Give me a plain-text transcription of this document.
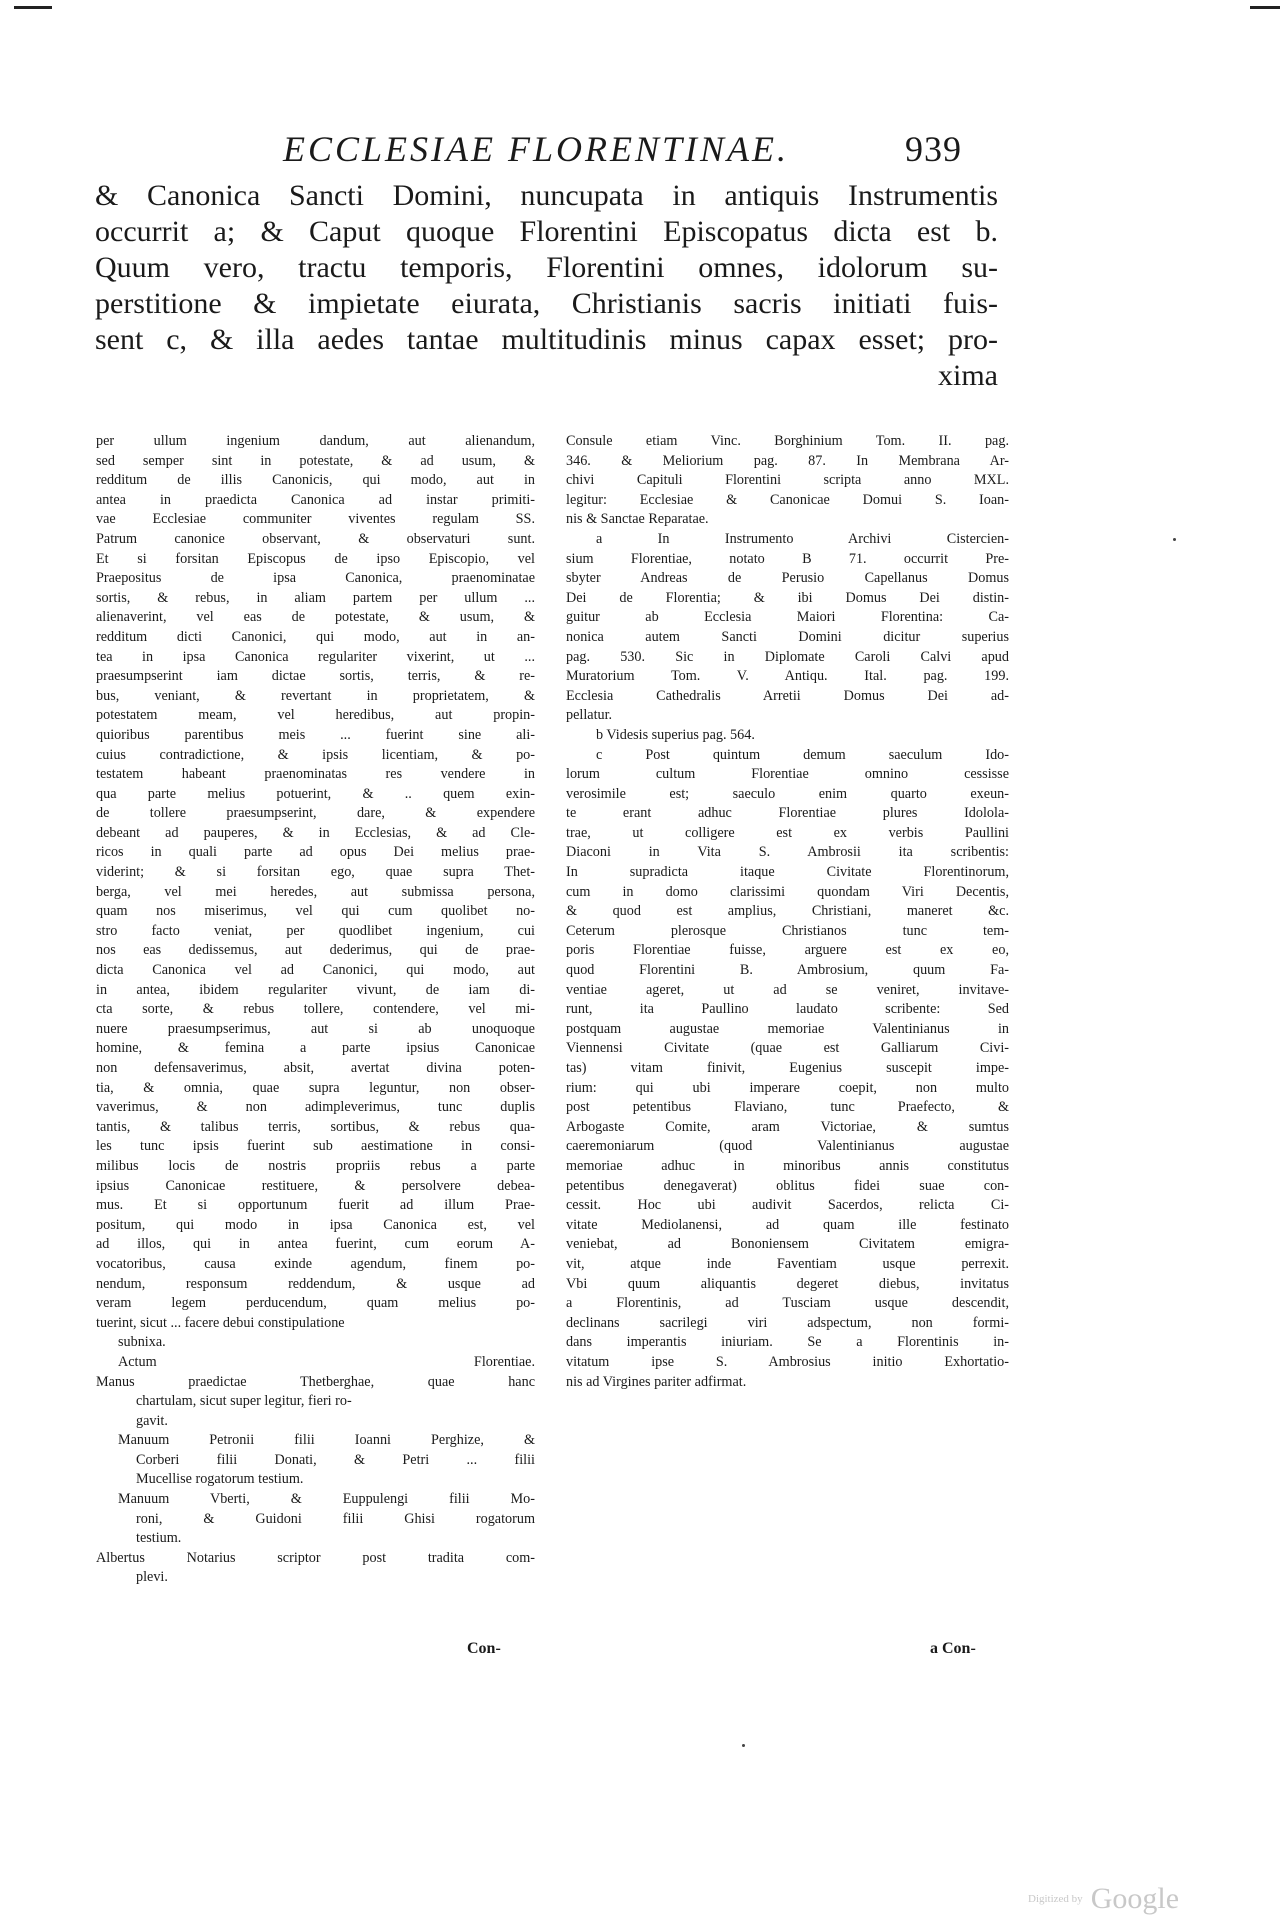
ECCLESIAE FLORENTINAE.	939
& Canonica Sancti Domini, nuncupata in antiquis Instrumentis
occurrit a; & Caput quoque Florentini Episcopatus dicta est b.
Quum vero, tractu temporis, Florentini omnes, idolorum su-
perstitione & impietate eiurata, Christianis sacris initiati fuis-
sent c, & illa aedes tantae multitudinis minus capax esset; pro-
xima
per ullum ingenium dandum, aut alienandum,
sed semper sint in potestate, & ad usum, &
redditum de illis Canonicis, qui modo, aut in
antea in praedicta Canonica ad instar primiti-
vae Ecclesiae communiter viventes regulam SS.
Patrum canonice observant, & observaturi sunt.
Et si forsitan Episcopus de ipso Episcopio, vel
Praepositus de ipsa Canonica, praenominatae
sortis, & rebus, in aliam partem per ullum ...
alienaverint, vel eas de potestate, & usum, &
redditum dicti Canonici, qui modo, aut in an-
tea in ipsa Canonica regulariter vixerint, ut ...
praesumpserint iam dictae sortis, terris, & re-
bus, veniant, & revertant in proprietatem, &
potestatem meam, vel heredibus, aut propin-
quioribus parentibus meis ... fuerint sine ali-
cuius contradictione, & ipsis licentiam, & po-
testatem habeant praenominatas res vendere in
qua parte melius potuerint, & .. quem exin-
de tollere praesumpserint, dare, & expendere
debeant ad pauperes, & in Ecclesias, & ad Cle-
ricos in quali parte ad opus Dei melius prae-
viderint; & si forsitan ego, quae supra Thet-
berga, vel mei heredes, aut submissa persona,
quam nos miserimus, vel qui cum quolibet no-
stro facto veniat, per quodlibet ingenium, cui
nos eas dedissemus, aut dederimus, qui de prae-
dicta Canonica vel ad Canonici, qui modo, aut
in antea, ibidem regulariter vivunt, de iam di-
cta sorte, & rebus tollere, contendere, vel mi-
nuere praesumpserimus, aut si ab unoquoque
homine, & femina a parte ipsius Canonicae
non defensaverimus, absit, avertat divina poten-
tia, & omnia, quae supra leguntur, non obser-
vaverimus, & non adimpleverimus, tunc duplis
tantis, & talibus terris, sortibus, & rebus qua-
les tunc ipsis fuerint sub aestimatione in consi-
milibus locis de nostris propriis rebus a parte
ipsius Canonicae restituere, & persolvere debea-
mus. Et si opportunum fuerit ad illum Prae-
positum, qui modo in ipsa Canonica est, vel
ad illos, qui in antea fuerint, cum eorum A-
vocatoribus, causa exinde agendum, finem po-
nendum, responsum reddendum, & usque ad
veram legem perducendum, quam melius po-
tuerint, sicut ... facere debui constipulatione
subnixa.
Actum Florentiae.
Manus praedictae Thetberghae, quae hanc
chartulam, sicut super legitur, fieri ro-
gavit.
Manuum Petronii filii Ioanni Perghize, &
Corberi filii Donati, & Petri ... filii
Mucellise rogatorum testium.
Manuum Vberti, & Euppulengi filii Mo-
roni, & Guidoni filii Ghisi rogatorum
testium.
Albertus Notarius scriptor post tradita com-
plevi.
Consule etiam Vinc. Borghinium Tom. II. pag.
346. & Meliorium pag. 87. In Membrana Ar-
chivi Capituli Florentini scripta anno MXL.
legitur: Ecclesiae & Canonicae Domui S. Ioan-
nis & Sanctae Reparatae.
a In Instrumento Archivi Cistercien-
sium Florentiae, notato B 71. occurrit Pre-
sbyter Andreas de Perusio Capellanus Domus
Dei de Florentia; & ibi Domus Dei distin-
guitur ab Ecclesia Maiori Florentina: Ca-
nonica autem Sancti Domini dicitur superius
pag. 530. Sic in Diplomate Caroli Calvi apud
Muratorium Tom. V. Antiqu. Ital. pag. 199.
Ecclesia Cathedralis Arretii Domus Dei ad-
pellatur.
b Videsis superius pag. 564.
c Post quintum demum saeculum Ido-
lorum cultum Florentiae omnino cessisse
verosimile est; saeculo enim quarto exeun-
te erant adhuc Florentiae plures Idolola-
trae, ut colligere est ex verbis Paullini
Diaconi in Vita S. Ambrosii ita scribentis:
In supradicta itaque Civitate Florentinorum,
cum in domo clarissimi quondam Viri Decentis,
& quod est amplius, Christiani, maneret &c.
Ceterum plerosque Christianos tunc tem-
poris Florentiae fuisse, arguere est ex eo,
quod Florentini B. Ambrosium, quum Fa-
ventiae ageret, ut ad se veniret, invitave-
runt, ita Paullino laudato scribente: Sed
postquam augustae memoriae Valentinianus in
Viennensi Civitate (quae est Galliarum Civi-
tas) vitam finivit, Eugenius suscepit impe-
rium: qui ubi imperare coepit, non multo
post petentibus Flaviano, tunc Praefecto, &
Arbogaste Comite, aram Victoriae, & sumtus
caeremoniarum (quod Valentinianus augustae
memoriae adhuc in minoribus annis constitutus
petentibus denegaverat) oblitus fidei suae con-
cessit. Hoc ubi audivit Sacerdos, relicta Ci-
vitate Mediolanensi, ad quam ille festinato
veniebat, ad Bononiensem Civitatem emigra-
vit, atque inde Faventiam usque perrexit.
Vbi quum aliquantis degeret diebus, invitatus
a Florentinis, ad Tusciam usque descendit,
declinans sacrilegi viri adspectum, non formi-
dans imperantis iniuriam. Se a Florentinis in-
vitatum ipse S. Ambrosius initio Exhortatio-
nis ad Virgines pariter adfirmat.
Con-	a Con-
Digitized by Google
